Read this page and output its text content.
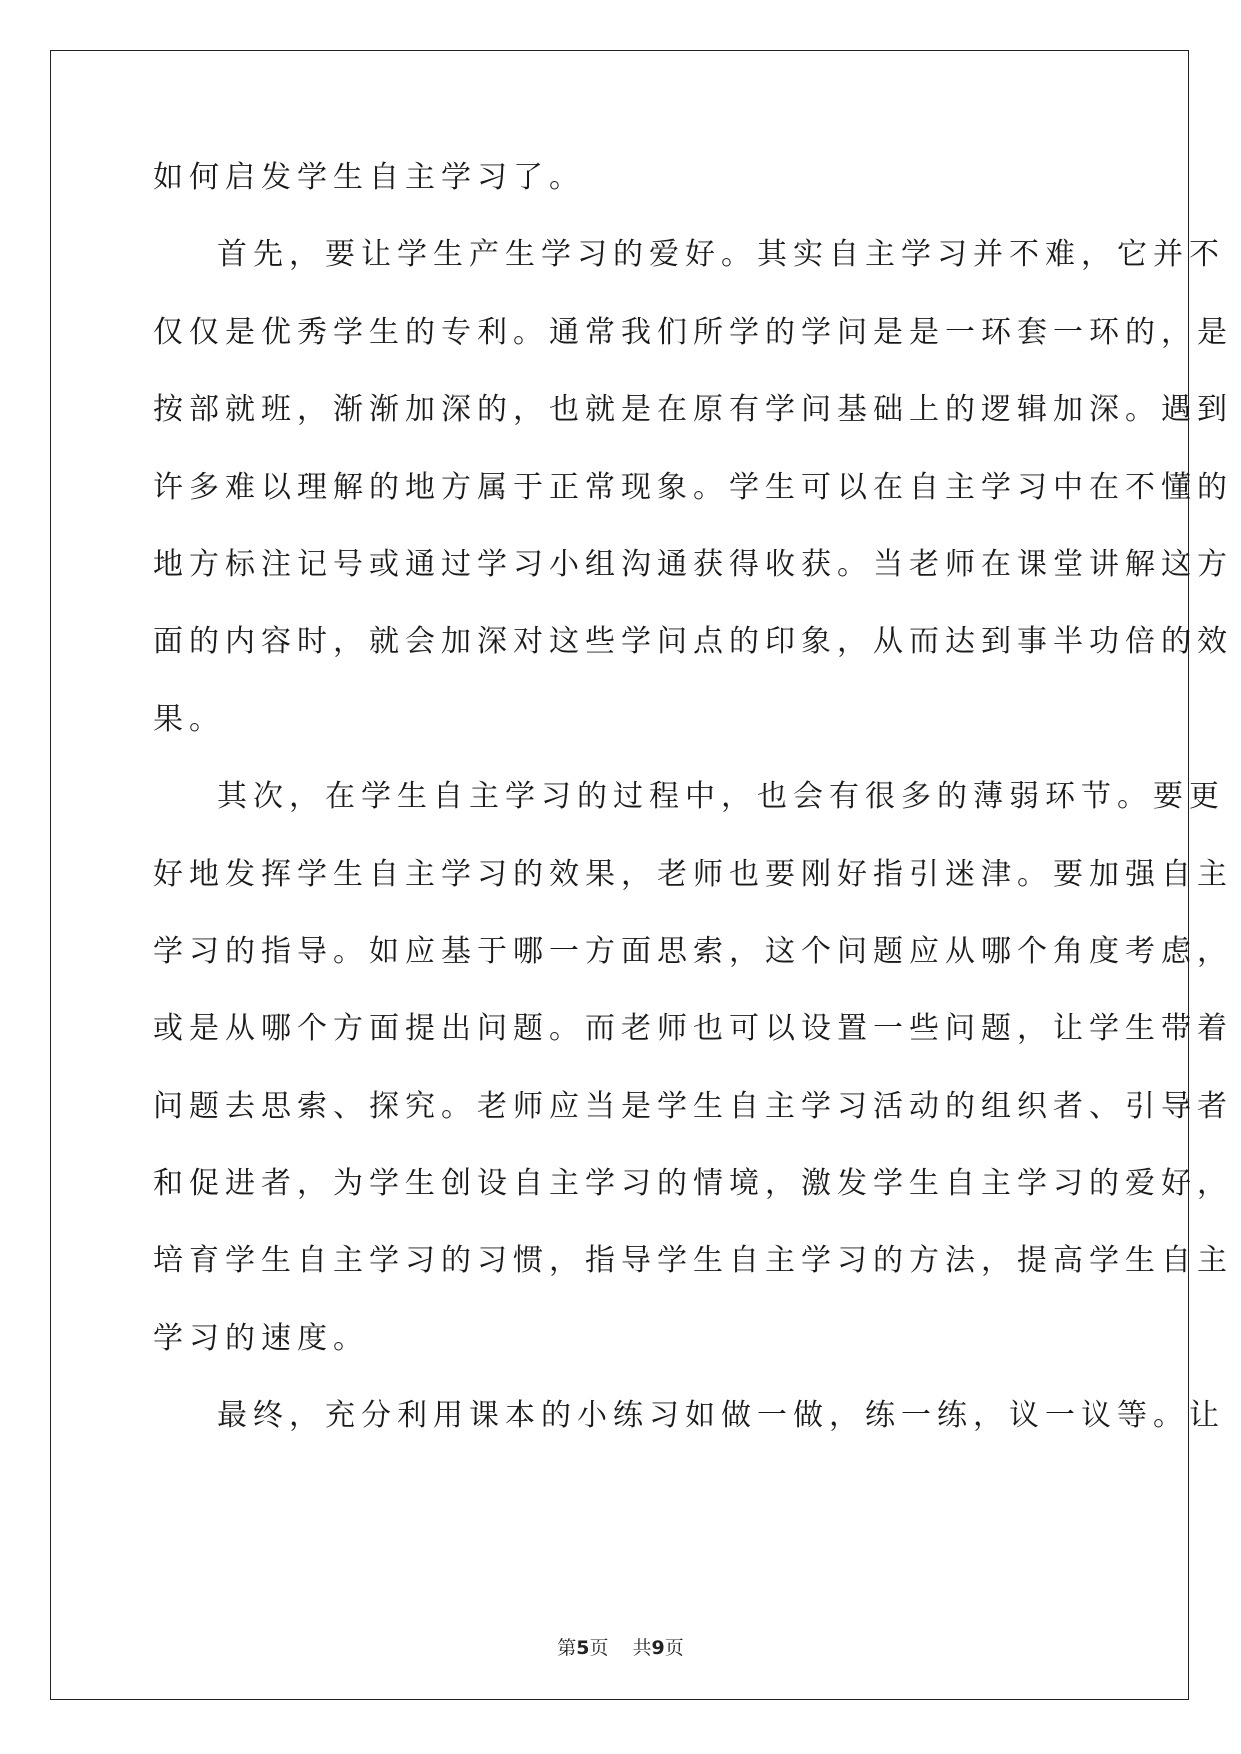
如何启发学生自主学习了。
首先，要让学生产生学习的爱好。其实自主学习并不难，它并不
仅仅是优秀学生的专利。通常我们所学的学问是是一环套一环的，是
按部就班，渐渐加深的，也就是在原有学问基础上的逻辑加深。遇到
许多难以理解的地方属于正常现象。学生可以在自主学习中在不懂的
地方标注记号或通过学习小组沟通获得收获。当老师在课堂讲解这方
面的内容时，就会加深对这些学问点的印象，从而达到事半功倍的效
果。
其次，在学生自主学习的过程中，也会有很多的薄弱环节。要更
好地发挥学生自主学习的效果，老师也要刚好指引迷津。要加强自主
学习的指导。如应基于哪一方面思索，这个问题应从哪个角度考虑，
或是从哪个方面提出问题。而老师也可以设置一些问题，让学生带着
问题去思索、探究。老师应当是学生自主学习活动的组织者、引导者
和促进者，为学生创设自主学习的情境，激发学生自主学习的爱好，
培育学生自主学习的习惯，指导学生自主学习的方法，提高学生自主
学习的速度。
最终，充分利用课本的小练习如做一做，练一练，议一议等。让
第5页 共9页
